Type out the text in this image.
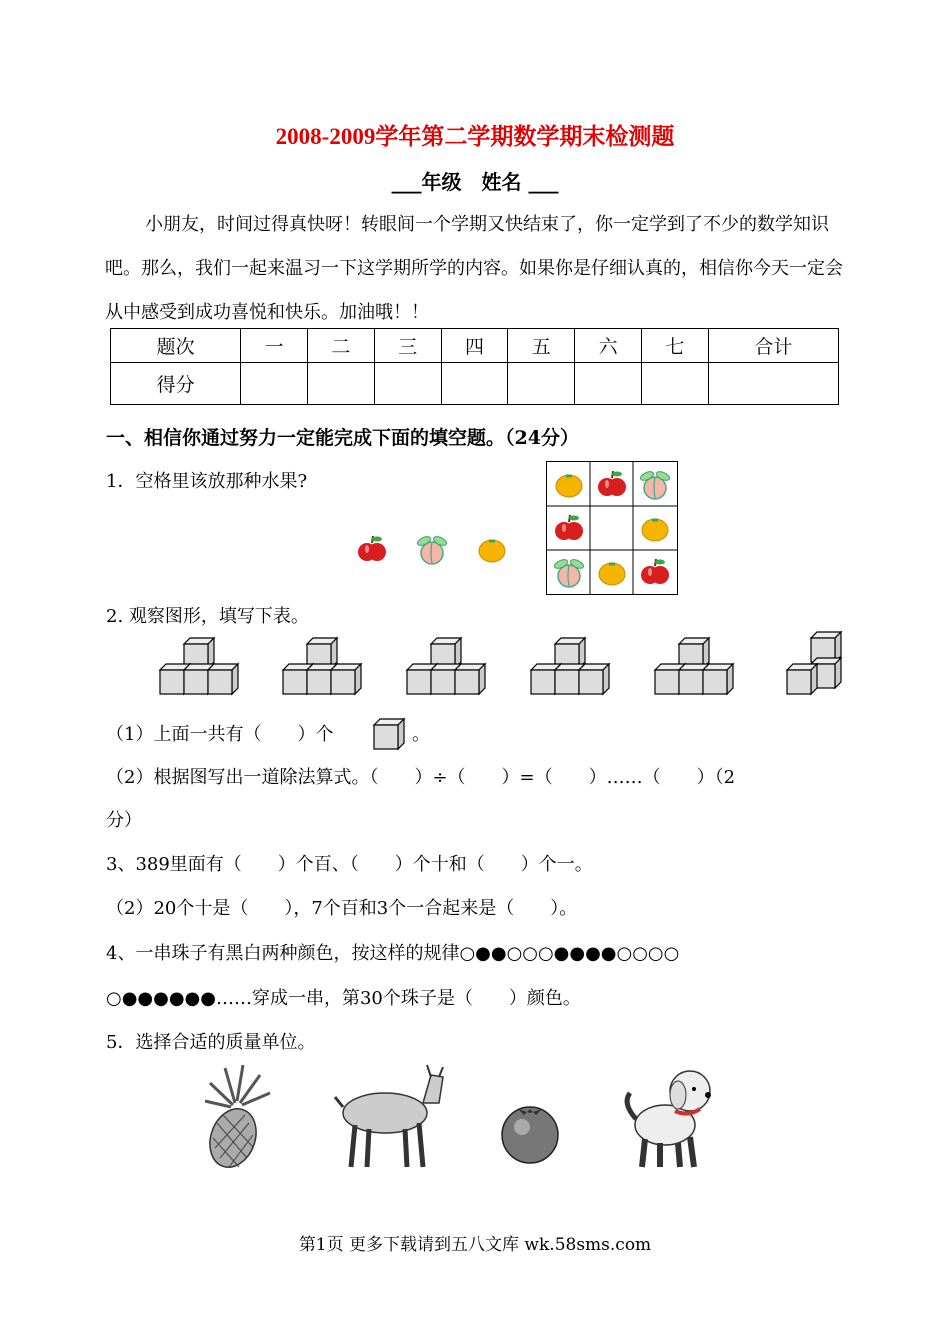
2008-2009学年第二学期数学期末检测题
___年级　姓名 ___
小朋友，时间过得真快呀！转眼间一个学期又快结束了，你一定学到了不少的数学知识吧。那么，我们一起来温习一下这学期所学的内容。如果你是仔细认真的，相信你今天一定会从中感受到成功喜悦和快乐。加油哦！！
题次	一	二	三	四	五	六	七	合计
得分								
一、相信你通过努力一定能完成下面的填空题。（24分）
1．空格里该放那种水果?
2. 观察图形，填写下表。
（1）上面一共有（　　）个	。
（2）根据图写出一道除法算式。（　　）÷（　　）=（　　）……（　　）（2
分）
3、389里面有（　　）个百、（　　）个十和（　　）个一。
（2）20个十是（　　），7个百和3个一合起来是（　　）。
4、一串珠子有黑白两种颜色，按这样的规律○●●○○○●●●●○○○○
○●●●●●●……穿成一串，第30个珠子是（　　）颜色。
5．选择合适的质量单位。
第1页 更多下载请到五八文库 wk.58sms.com
